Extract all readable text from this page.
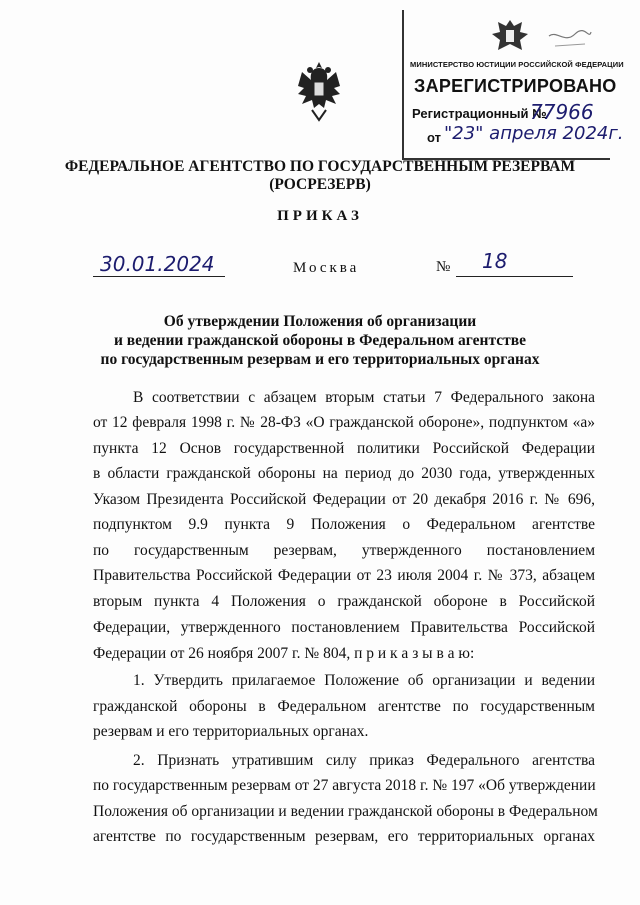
МИНИСТЕРСТВО ЮСТИЦИИ РОССИЙСКОЙ ФЕДЕРАЦИИ
ЗАРЕГИСТРИРОВАНО
Регистрационный №
77966
от "23" апреля 2024г.
ФЕДЕРАЛЬНОЕ АГЕНТСТВО ПО ГОСУДАРСТВЕННЫМ РЕЗЕРВАМ
(РОСРЕЗЕРВ)
ПРИКАЗ
30.01.2024	Москва	№ 18
Об утверждении Положения об организации
и ведении гражданской обороны в Федеральном агентстве
по государственным резервам и его территориальных органах
В соответствии с абзацем вторым статьи 7 Федерального закона
от 12 февраля 1998 г. № 28-ФЗ «О гражданской обороне», подпунктом «а»
пункта 12 Основ государственной политики Российской Федерации
в области гражданской обороны на период до 2030 года, утвержденных
Указом Президента Российской Федерации от 20 декабря 2016 г. № 696,
подпунктом 9.9 пункта 9 Положения о Федеральном агентстве
по государственным резервам, утвержденного постановлением
Правительства Российской Федерации от 23 июля 2004 г. № 373, абзацем
вторым пункта 4 Положения о гражданской обороне в Российской
Федерации, утвержденного постановлением Правительства Российской
Федерации от 26 ноября 2007 г. № 804, п р и к а з ы в а ю:
1. Утвердить прилагаемое Положение об организации и ведении
гражданской обороны в Федеральном агентстве по государственным
резервам и его территориальных органах.
2. Признать утратившим силу приказ Федерального агентства
по государственным резервам от 27 августа 2018 г. № 197 «Об утверждении
Положения об организации и ведении гражданской обороны в Федеральном
агентстве по государственным резервам, его территориальных органах
